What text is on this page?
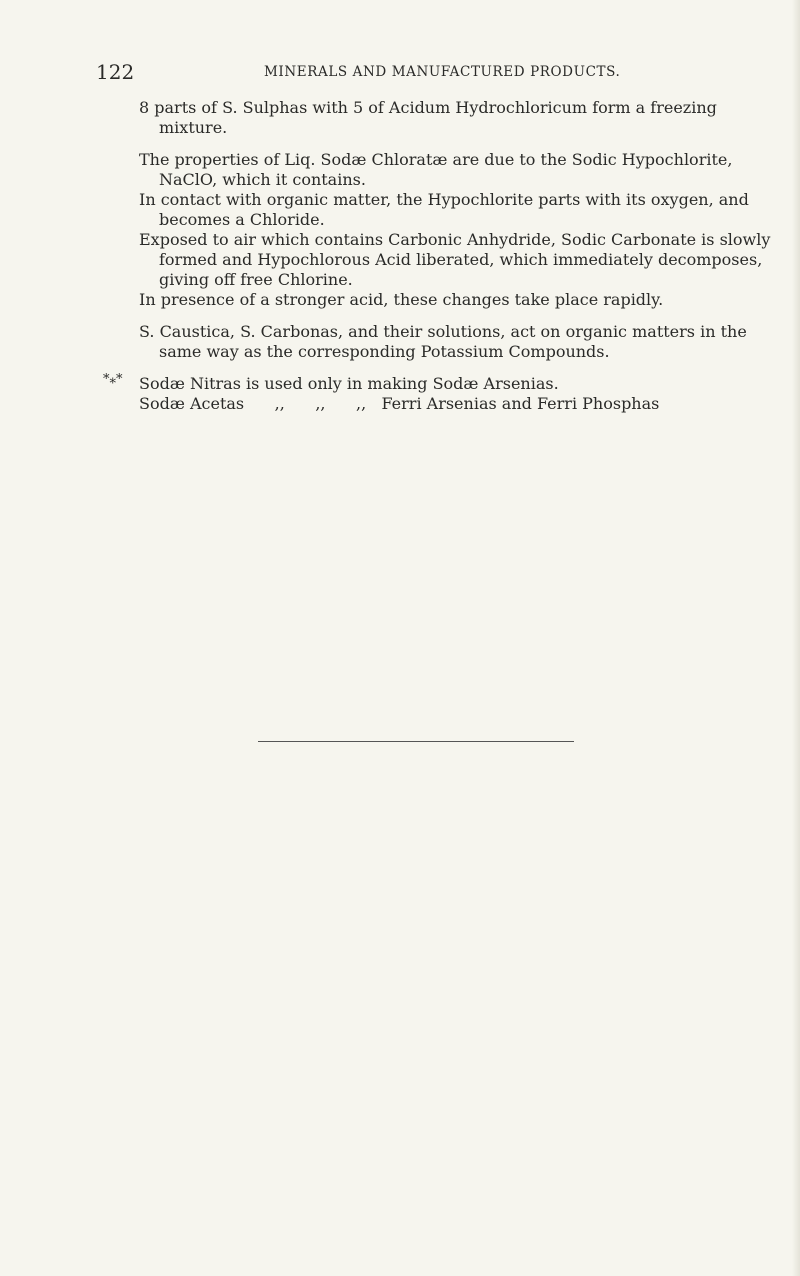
122	MINERALS AND MANUFACTURED PRODUCTS.

8 parts of S. Sulphas with 5 of Acidum Hydrochloricum form a freezing mixture.

The properties of Liq. Sodæ Chloratæ are due to the Sodic Hypochlorite, NaClO, which it contains.

In contact with organic matter, the Hypochlorite parts with its oxygen, and becomes a Chloride.

Exposed to air which contains Carbonic Anhydride, Sodic Carbonate is slowly formed and Hypochlorous Acid liberated, which immediately decomposes, giving off free Chlorine.

In presence of a stronger acid, these changes take place rapidly.

S. Caustica, S. Carbonas, and their solutions, act on organic matters in the same way as the corresponding Potassium Compounds.

*⁎*	Sodæ Nitras is used only in making Sodæ Arsenias.

Sodæ Acetas      ,,      ,,      ,,   Ferri Arsenias and Ferri Phosphas
